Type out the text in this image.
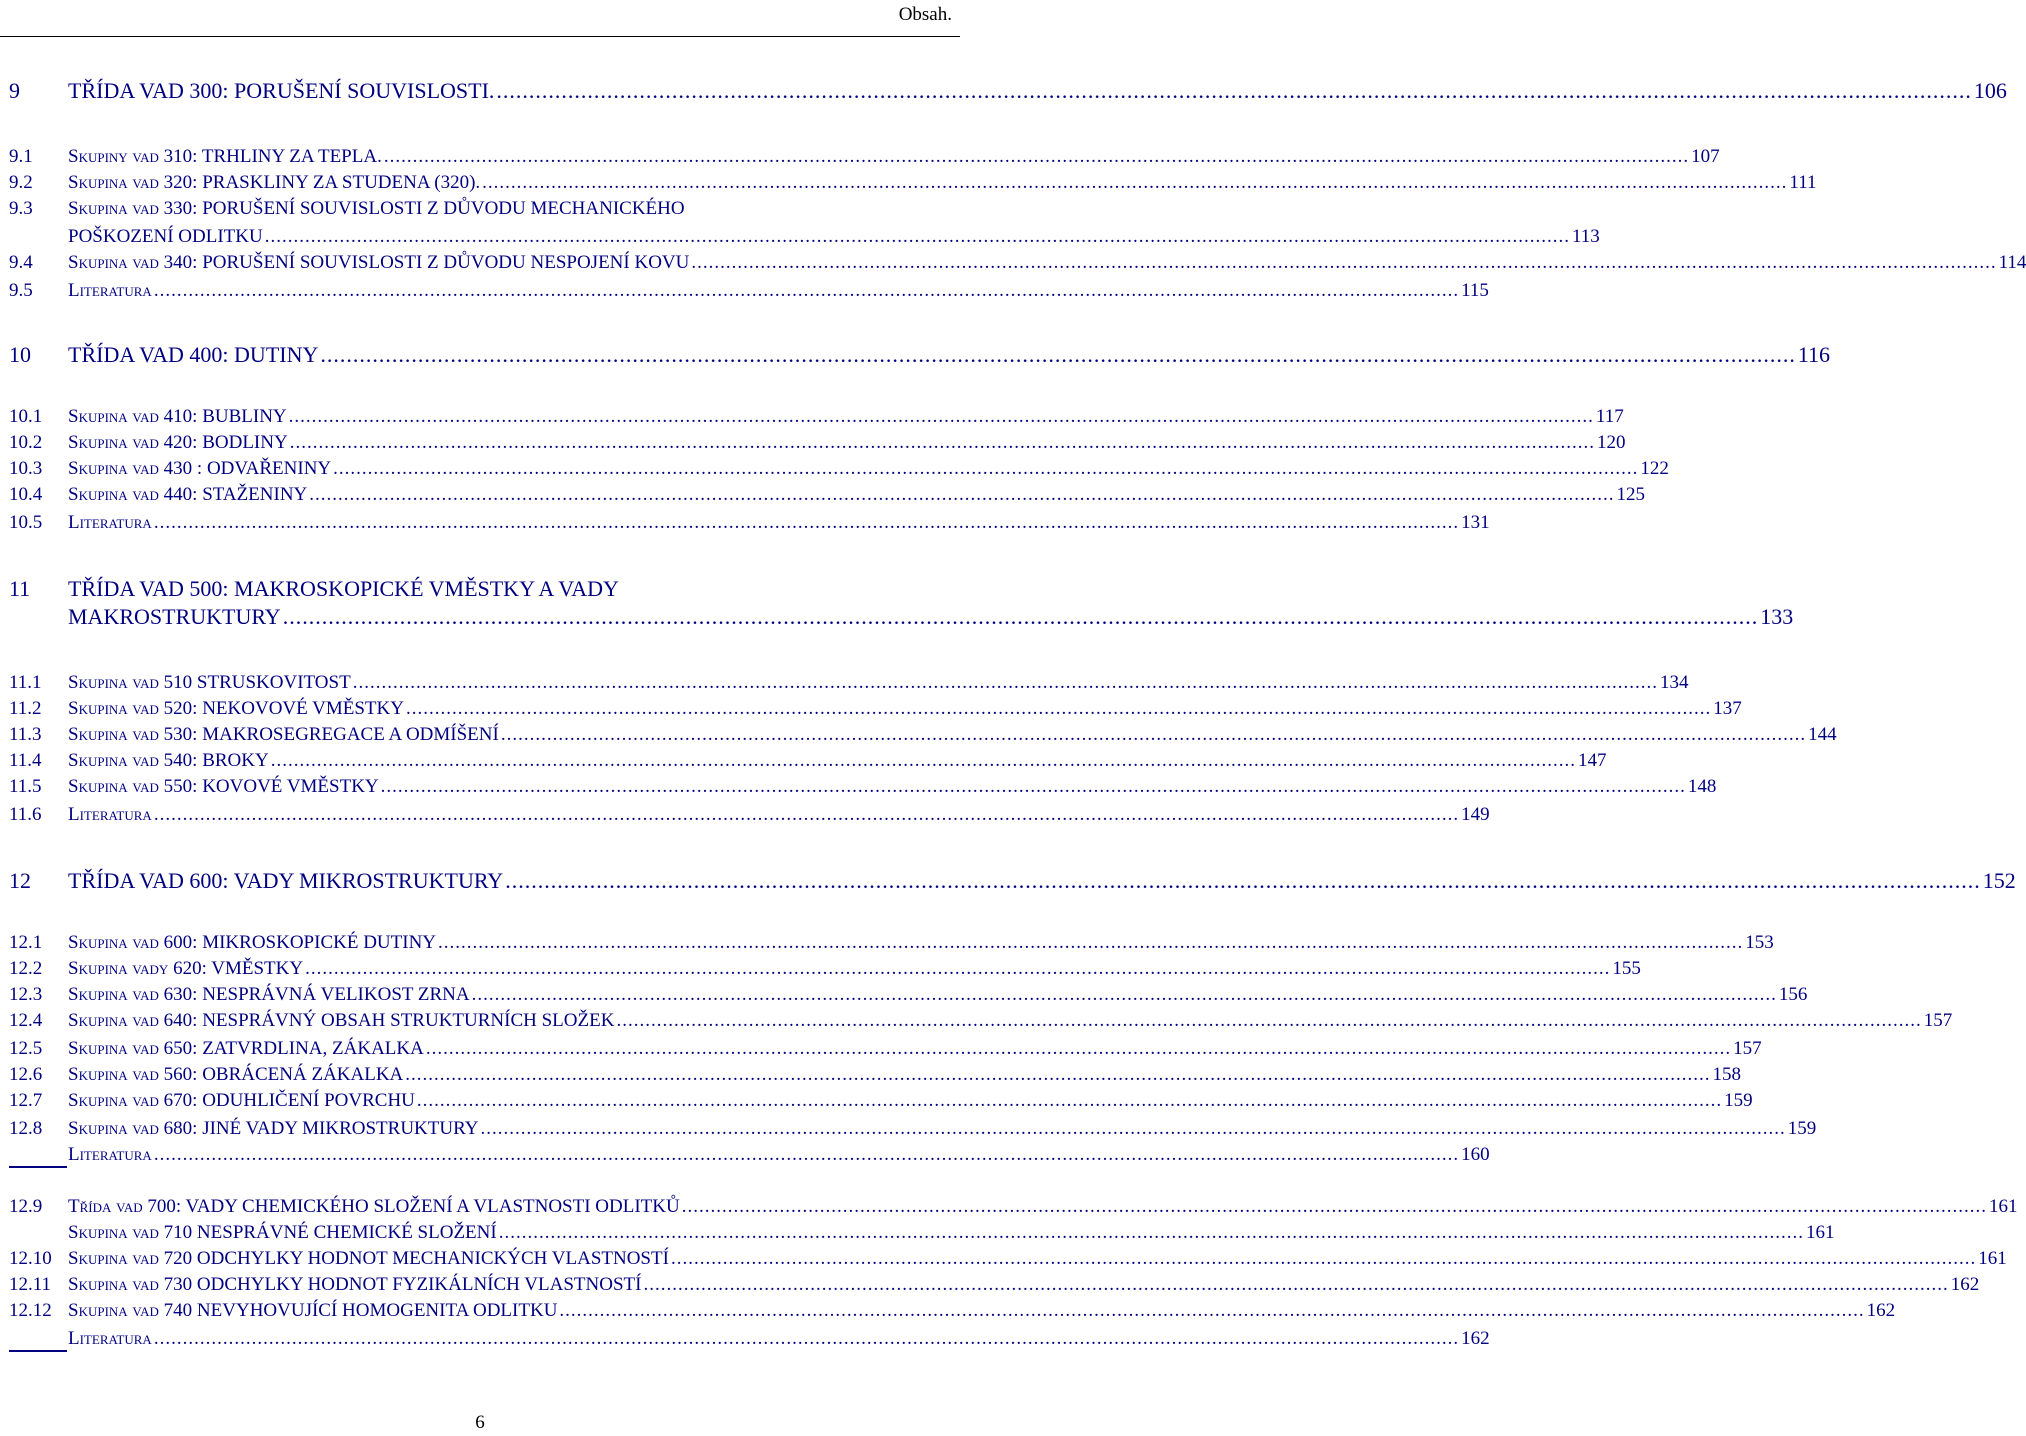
Obsah.
9 TŘÍDA VAD 300: PORUŠENÍ SOUVISLOSTI. ................................................................................................................................................................................................................................... 106
9.1 Skupiny vad 310: TRHLINY ZA TEPLA. ................................................................................................................................................................................................................................... 107
9.2 Skupina vad 320: PRASKLINY ZA STUDENA (320). ................................................................................................................................................................................................................................... 111
9.3 Skupina vad 330: PORUŠENÍ SOUVISLOSTI Z DŮVODU MECHANICKÉHO
POŠKOZENÍ ODLITKU ................................................................................................................................................................................................................................... 113
9.4 Skupina vad 340: PORUŠENÍ SOUVISLOSTI Z DŮVODU NESPOJENÍ KOVU ................................................................................................................................................................................................................................... 114
9.5 Literatura ................................................................................................................................................................................................................................... 115
10 TŘÍDA VAD 400: DUTINY ................................................................................................................................................................................................................................... 116
10.1 Skupina vad 410: BUBLINY ................................................................................................................................................................................................................................... 117
10.2 Skupina vad 420: BODLINY ................................................................................................................................................................................................................................... 120
10.3 Skupina vad 430 : ODVAŘENINY ................................................................................................................................................................................................................................... 122
10.4 Skupina vad 440: STAŽENINY ................................................................................................................................................................................................................................... 125
10.5 Literatura ................................................................................................................................................................................................................................... 131
11 TŘÍDA VAD 500: MAKROSKOPICKÉ VMĚSTKY A VADY
MAKROSTRUKTURY ................................................................................................................................................................................................................................... 133
11.1 Skupina vad 510 STRUSKOVITOST ................................................................................................................................................................................................................................... 134
11.2 Skupina vad 520: NEKOVOVÉ VMĚSTKY ................................................................................................................................................................................................................................... 137
11.3 Skupina vad 530: MAKROSEGREGACE A ODMÍŠENÍ ................................................................................................................................................................................................................................... 144
11.4 Skupina vad 540: BROKY ................................................................................................................................................................................................................................... 147
11.5 Skupina vad 550: KOVOVÉ VMĚSTKY ................................................................................................................................................................................................................................... 148
11.6 Literatura ................................................................................................................................................................................................................................... 149
12 TŘÍDA VAD 600: VADY MIKROSTRUKTURY ................................................................................................................................................................................................................................... 152
12.1 Skupina vad 600: MIKROSKOPICKÉ DUTINY ................................................................................................................................................................................................................................... 153
12.2 Skupina vady 620: VMĚSTKY ................................................................................................................................................................................................................................... 155
12.3 Skupina vad 630: NESPRÁVNÁ VELIKOST ZRNA ................................................................................................................................................................................................................................... 156
12.4 Skupina vad 640: NESPRÁVNÝ OBSAH STRUKTURNÍCH SLOŽEK ................................................................................................................................................................................................................................... 157
12.5 Skupina vad 650: ZATVRDLINA, ZÁKALKA ................................................................................................................................................................................................................................... 157
12.6 Skupina vad 560: OBRÁCENÁ ZÁKALKA ................................................................................................................................................................................................................................... 158
12.7 Skupina vad 670: ODUHLIČENÍ POVRCHU ................................................................................................................................................................................................................................... 159
12.8 Skupina vad 680: JINÉ VADY MIKROSTRUKTURY ................................................................................................................................................................................................................................... 159
Literatura ................................................................................................................................................................................................................................... 160
12.9 Třída vad 700: VADY CHEMICKÉHO SLOŽENÍ A VLASTNOSTI ODLITKŮ ................................................................................................................................................................................................................................... 161
Skupina vad 710 NESPRÁVNÉ CHEMICKÉ SLOŽENÍ ................................................................................................................................................................................................................................... 161
12.10 Skupina vad 720 ODCHYLKY HODNOT MECHANICKÝCH VLASTNOSTÍ ................................................................................................................................................................................................................................... 161
12.11 Skupina vad 730 ODCHYLKY HODNOT FYZIKÁLNÍCH VLASTNOSTÍ ................................................................................................................................................................................................................................... 162
12.12 Skupina vad 740 NEVYHOVUJÍCÍ HOMOGENITA ODLITKU ................................................................................................................................................................................................................................... 162
Literatura ................................................................................................................................................................................................................................... 162
6
